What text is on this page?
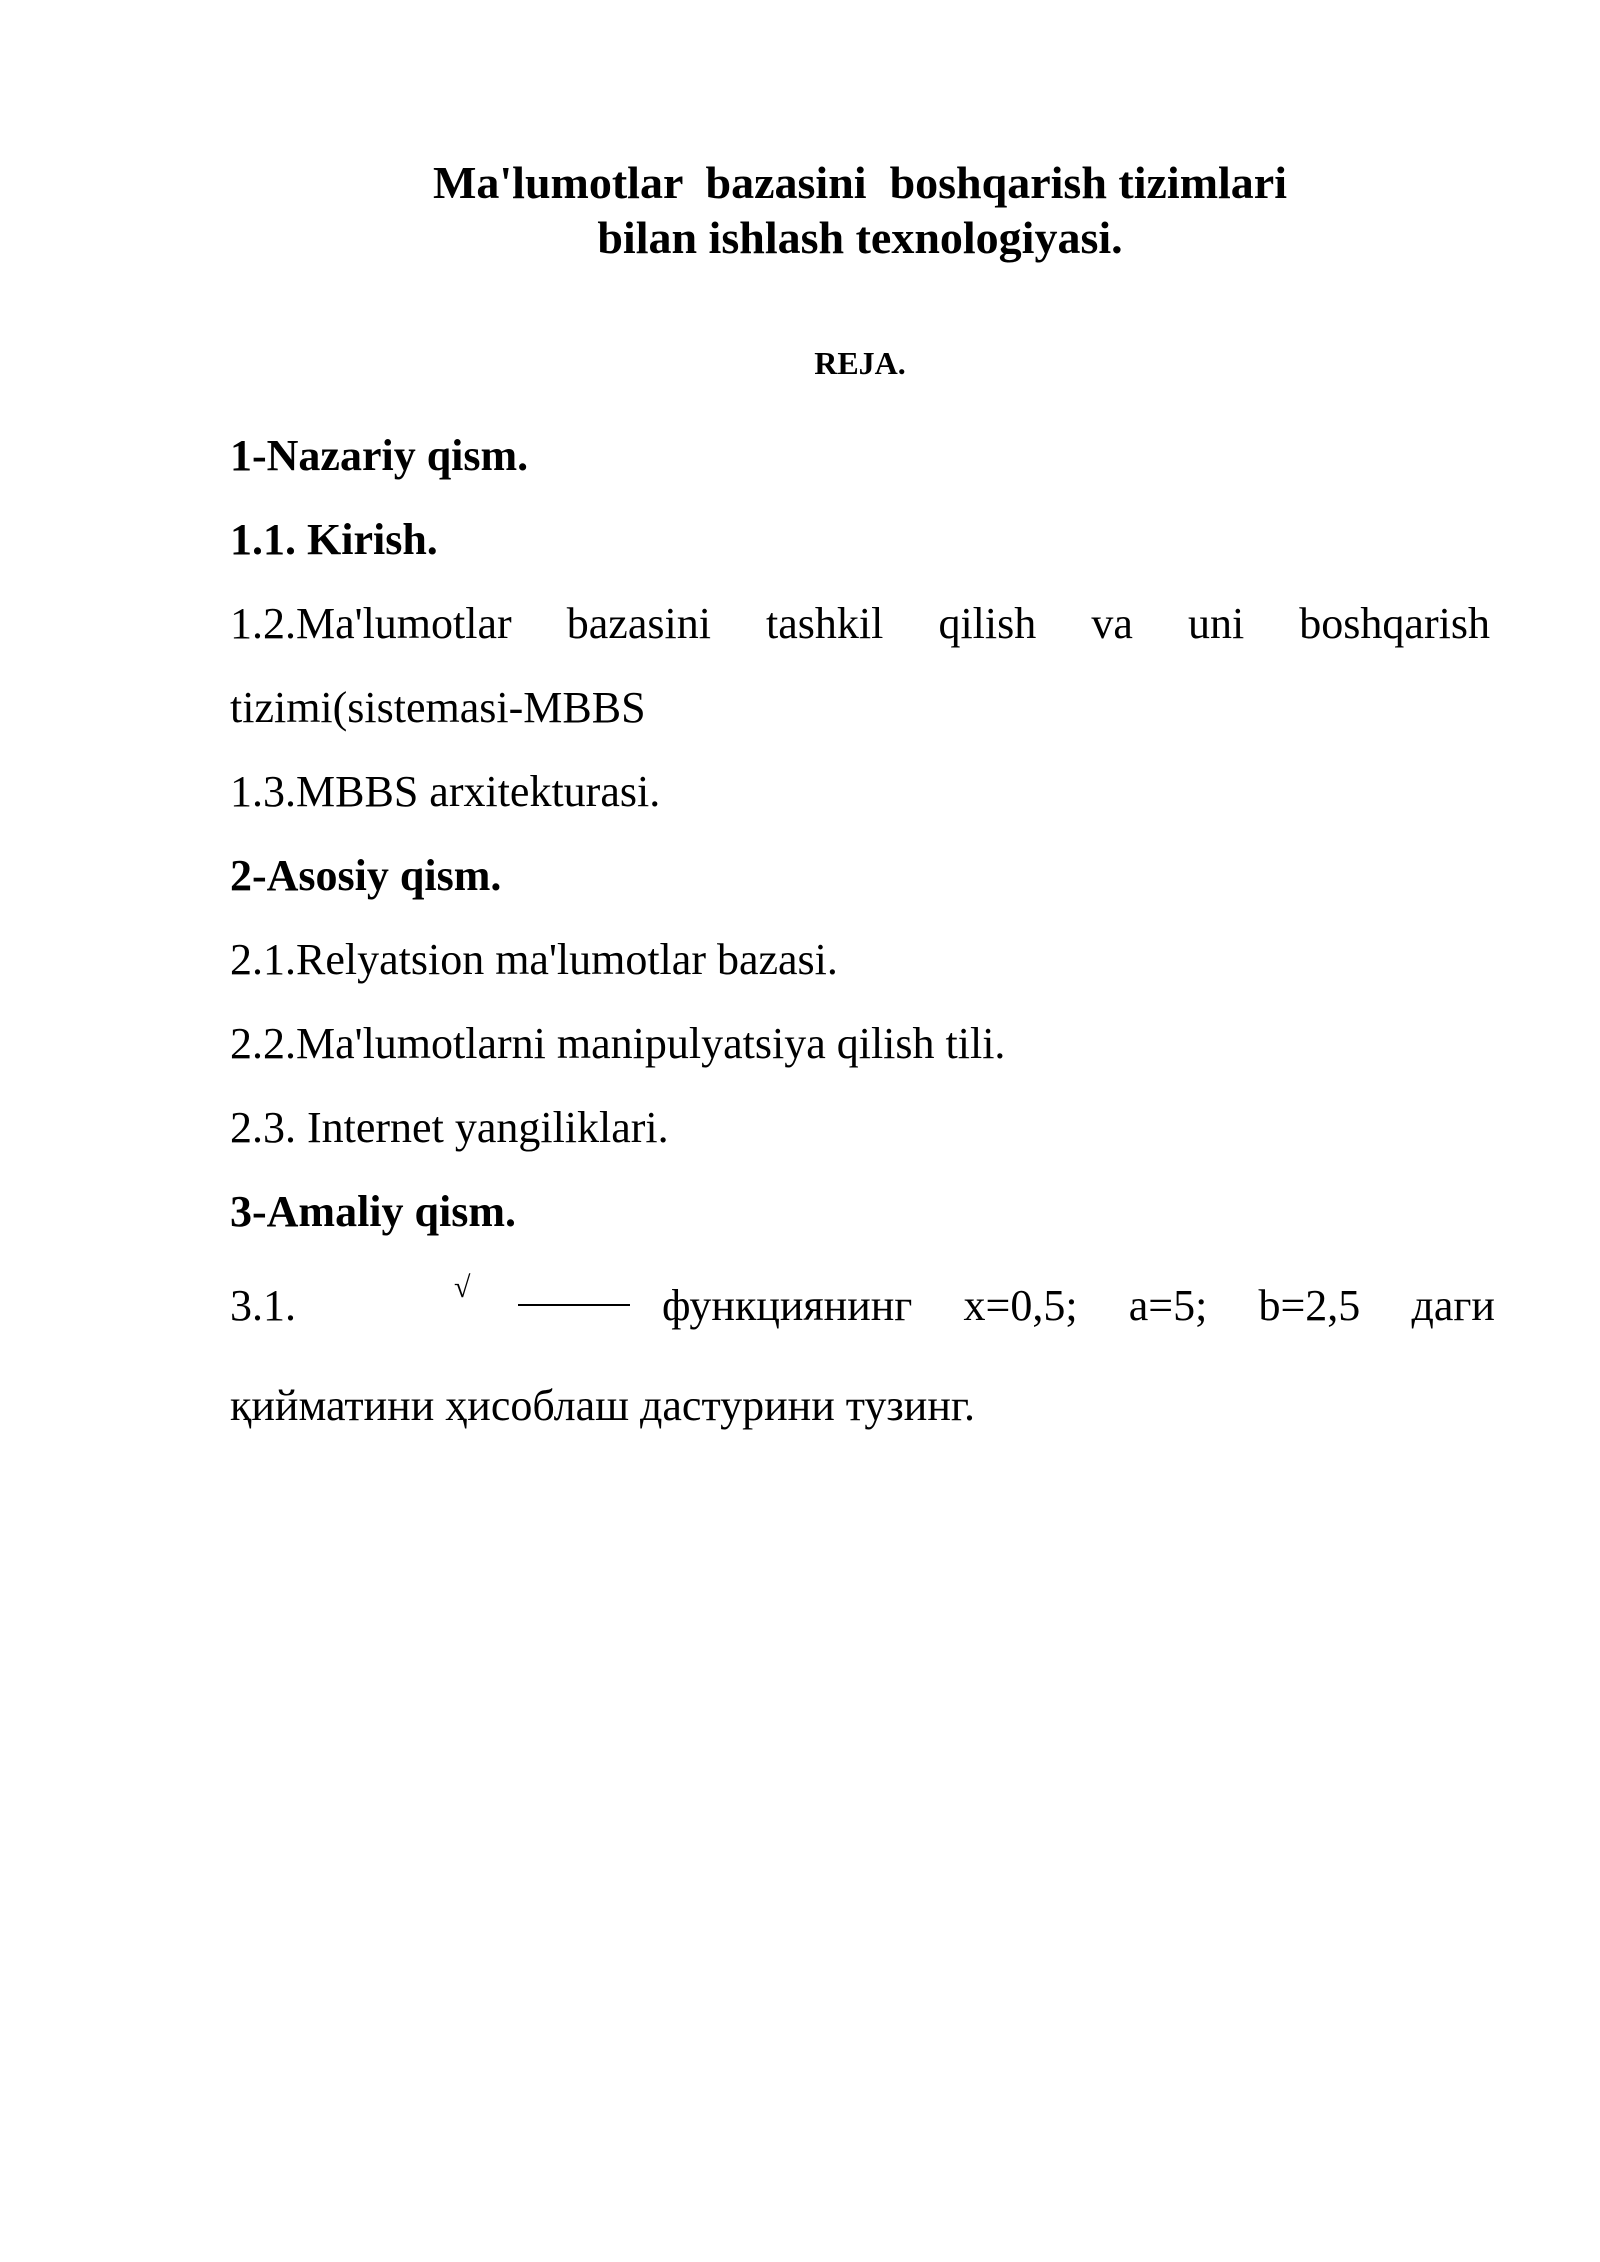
Ma'lumotlar  bazasini  boshqarish tizimlari
bilan ishlash texnologiyasi.
REJA.
1-Nazariy qism.
1.1. Kirish.
1.2.Ma'lumotlar bazasini tashkil qilish va uni boshqarish
tizimi(sistemasi-MBBS
1.3.MBBS arxitekturasi.
2-Asosiy qism.
2.1.Relyatsion ma'lumotlar bazasi.
2.2.Ma'lumotlarni manipulyatsiya qilish tili.
2.3. Internet yangiliklari.
3-Amaliy qism.
3.1.	√	функциянинг x=0,5; a=5; b=2,5 даги
қийматини ҳисоблаш дастурини тузинг.
